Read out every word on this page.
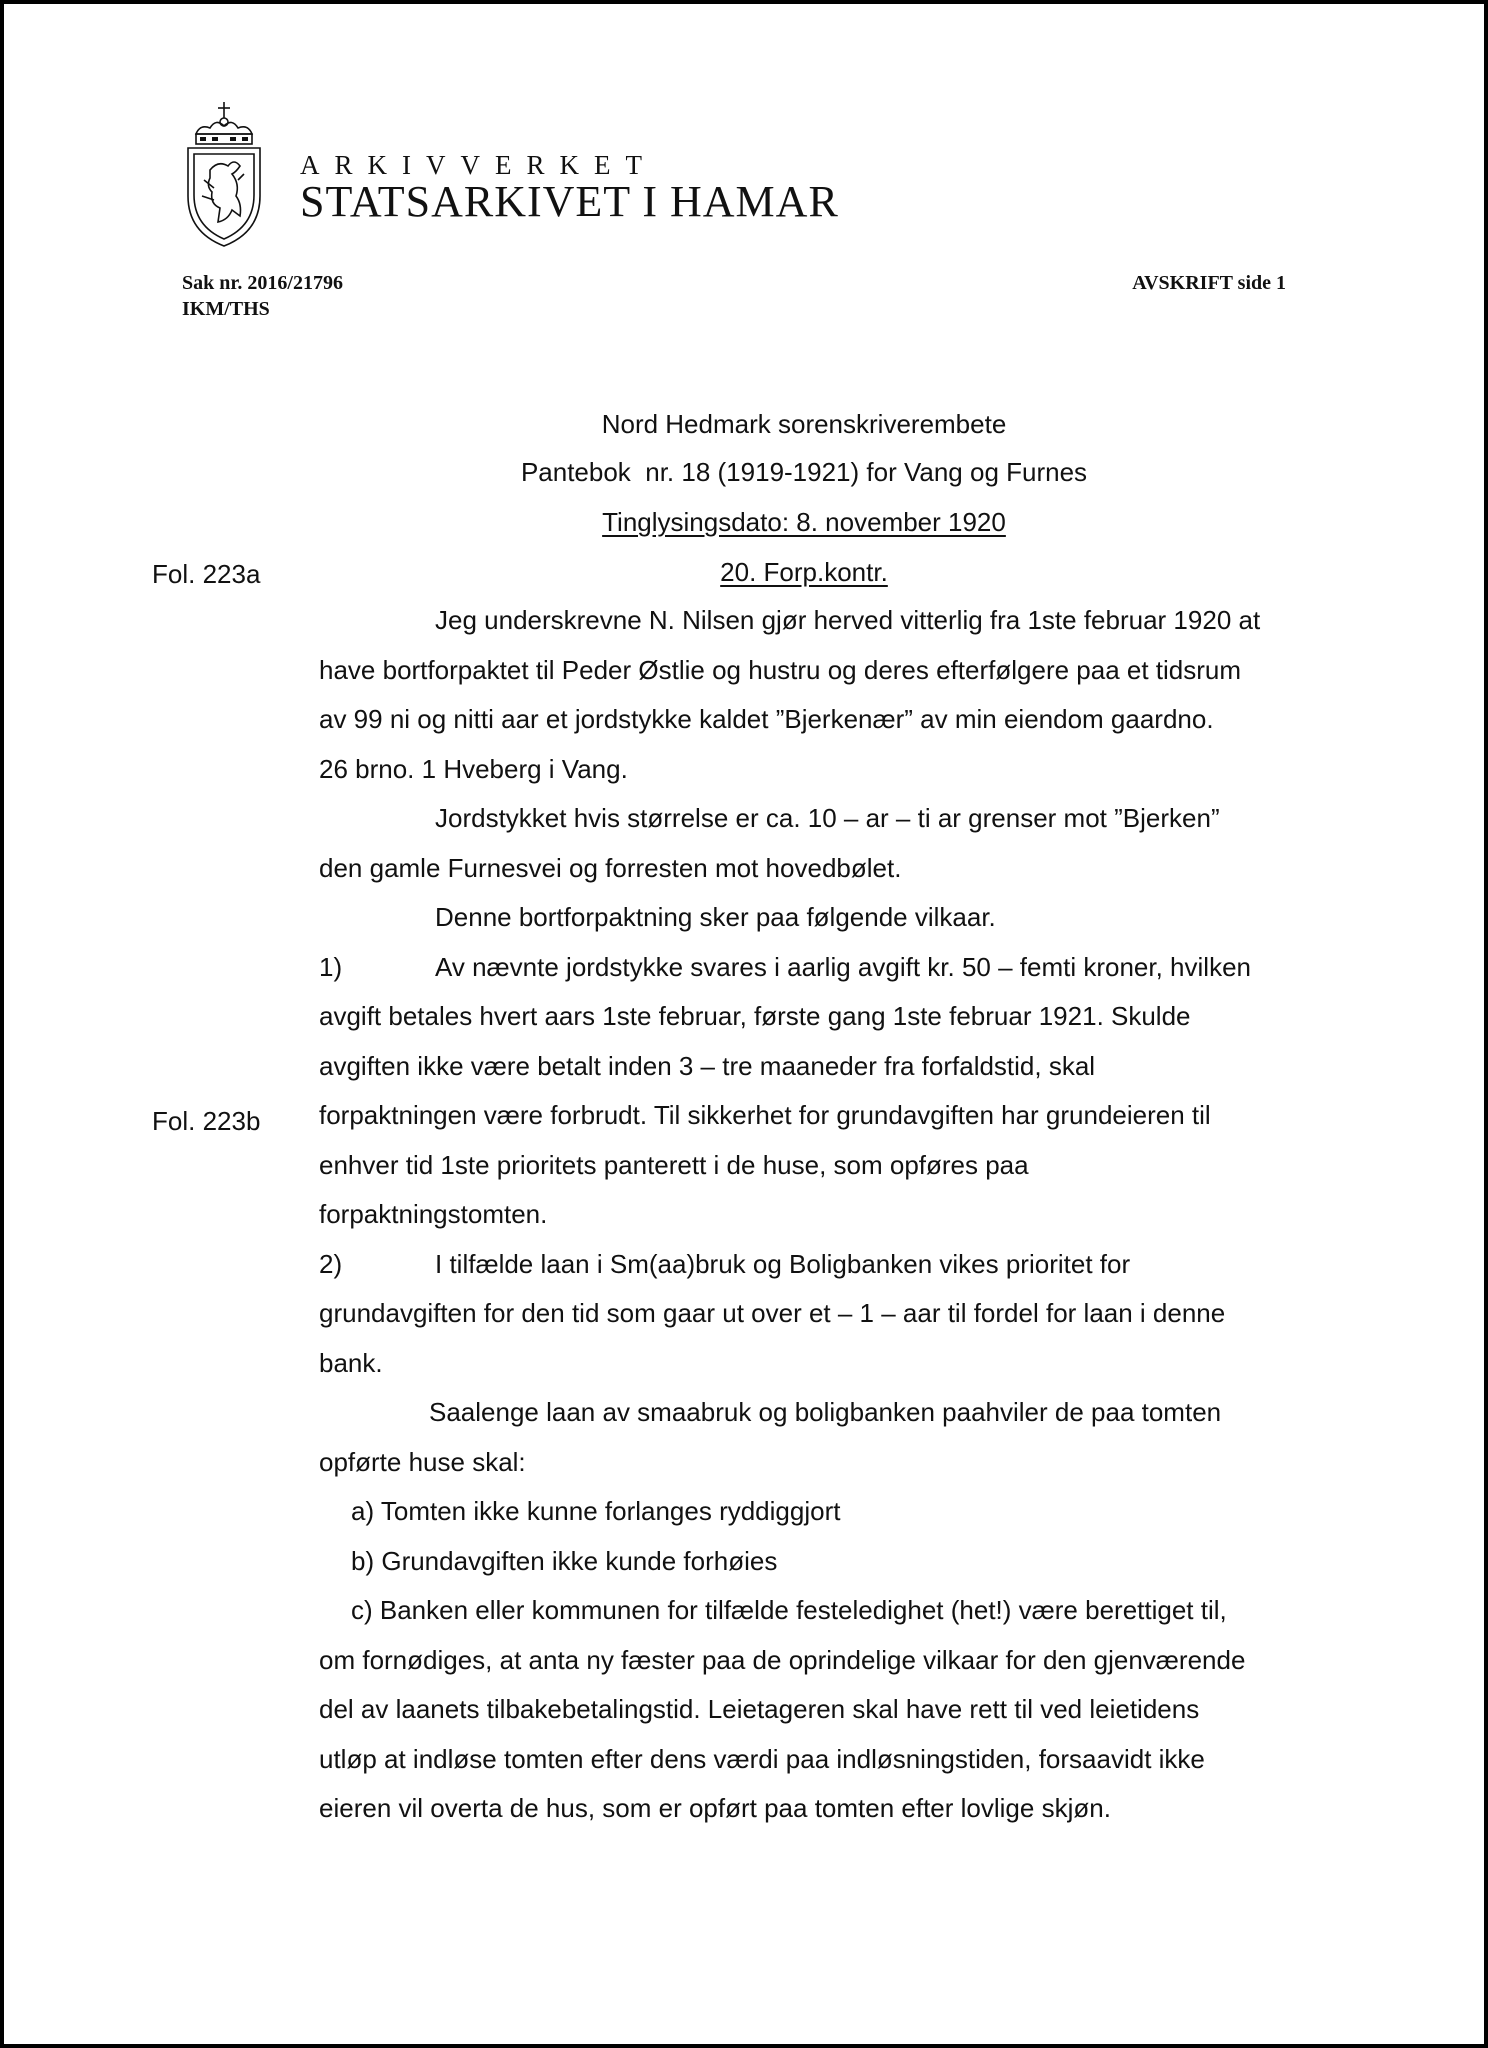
ARKIVVERKET
STATSARKIVET I HAMAR
Sak nr. 2016/21796
IKM/THS
AVSKRIFT side 1
Nord Hedmark sorenskriverembete
Pantebok  nr. 18 (1919-1921) for Vang og Furnes
Tinglysingsdato: 8. november 1920
20. Forp.kontr.
Fol. 223a
Fol. 223b

Jeg underskrevne N. Nilsen gjør herved vitterlig fra 1ste februar 1920 at

have bortforpaktet til Peder Østlie og hustru og deres efterfølgere paa et tidsrum

av 99 ni og nitti aar et jordstykke kaldet ”Bjerkenær” av min eiendom gaardno.

26 brno. 1 Hveberg i Vang.

Jordstykket hvis størrelse er ca. 10 – ar – ti ar grenser mot ”Bjerken”

den gamle Furnesvei og forresten mot hovedbølet.

Denne bortforpaktning sker paa følgende vilkaar.

1)	Av nævnte jordstykke svares i aarlig avgift kr. 50 – femti kroner, hvilken

avgift betales hvert aars 1ste februar, første gang 1ste februar 1921. Skulde

avgiften ikke være betalt inden 3 – tre maaneder fra forfaldstid, skal

forpaktningen være forbrudt. Til sikkerhet for grundavgiften har grundeieren til

enhver tid 1ste prioritets panterett i de huse, som opføres paa

forpaktningstomten.

2)	I tilfælde laan i Sm(aa)bruk og Boligbanken vikes prioritet for

grundavgiften for den tid som gaar ut over et – 1 – aar til fordel for laan i denne

bank.

Saalenge laan av smaabruk og boligbanken paahviler de paa tomten

opførte huse skal:

a) Tomten ikke kunne forlanges ryddiggjort

b) Grundavgiften ikke kunde forhøies

c) Banken eller kommunen for tilfælde festeledighet (het!) være berettiget til,

om fornødiges, at anta ny fæster paa de oprindelige vilkaar for den gjenværende

del av laanets tilbakebetalingstid. Leietageren skal have rett til ved leietidens

utløp at indløse tomten efter dens værdi paa indløsningstiden, forsaavidt ikke

eieren vil overta de hus, som er opført paa tomten efter lovlige skjøn.
